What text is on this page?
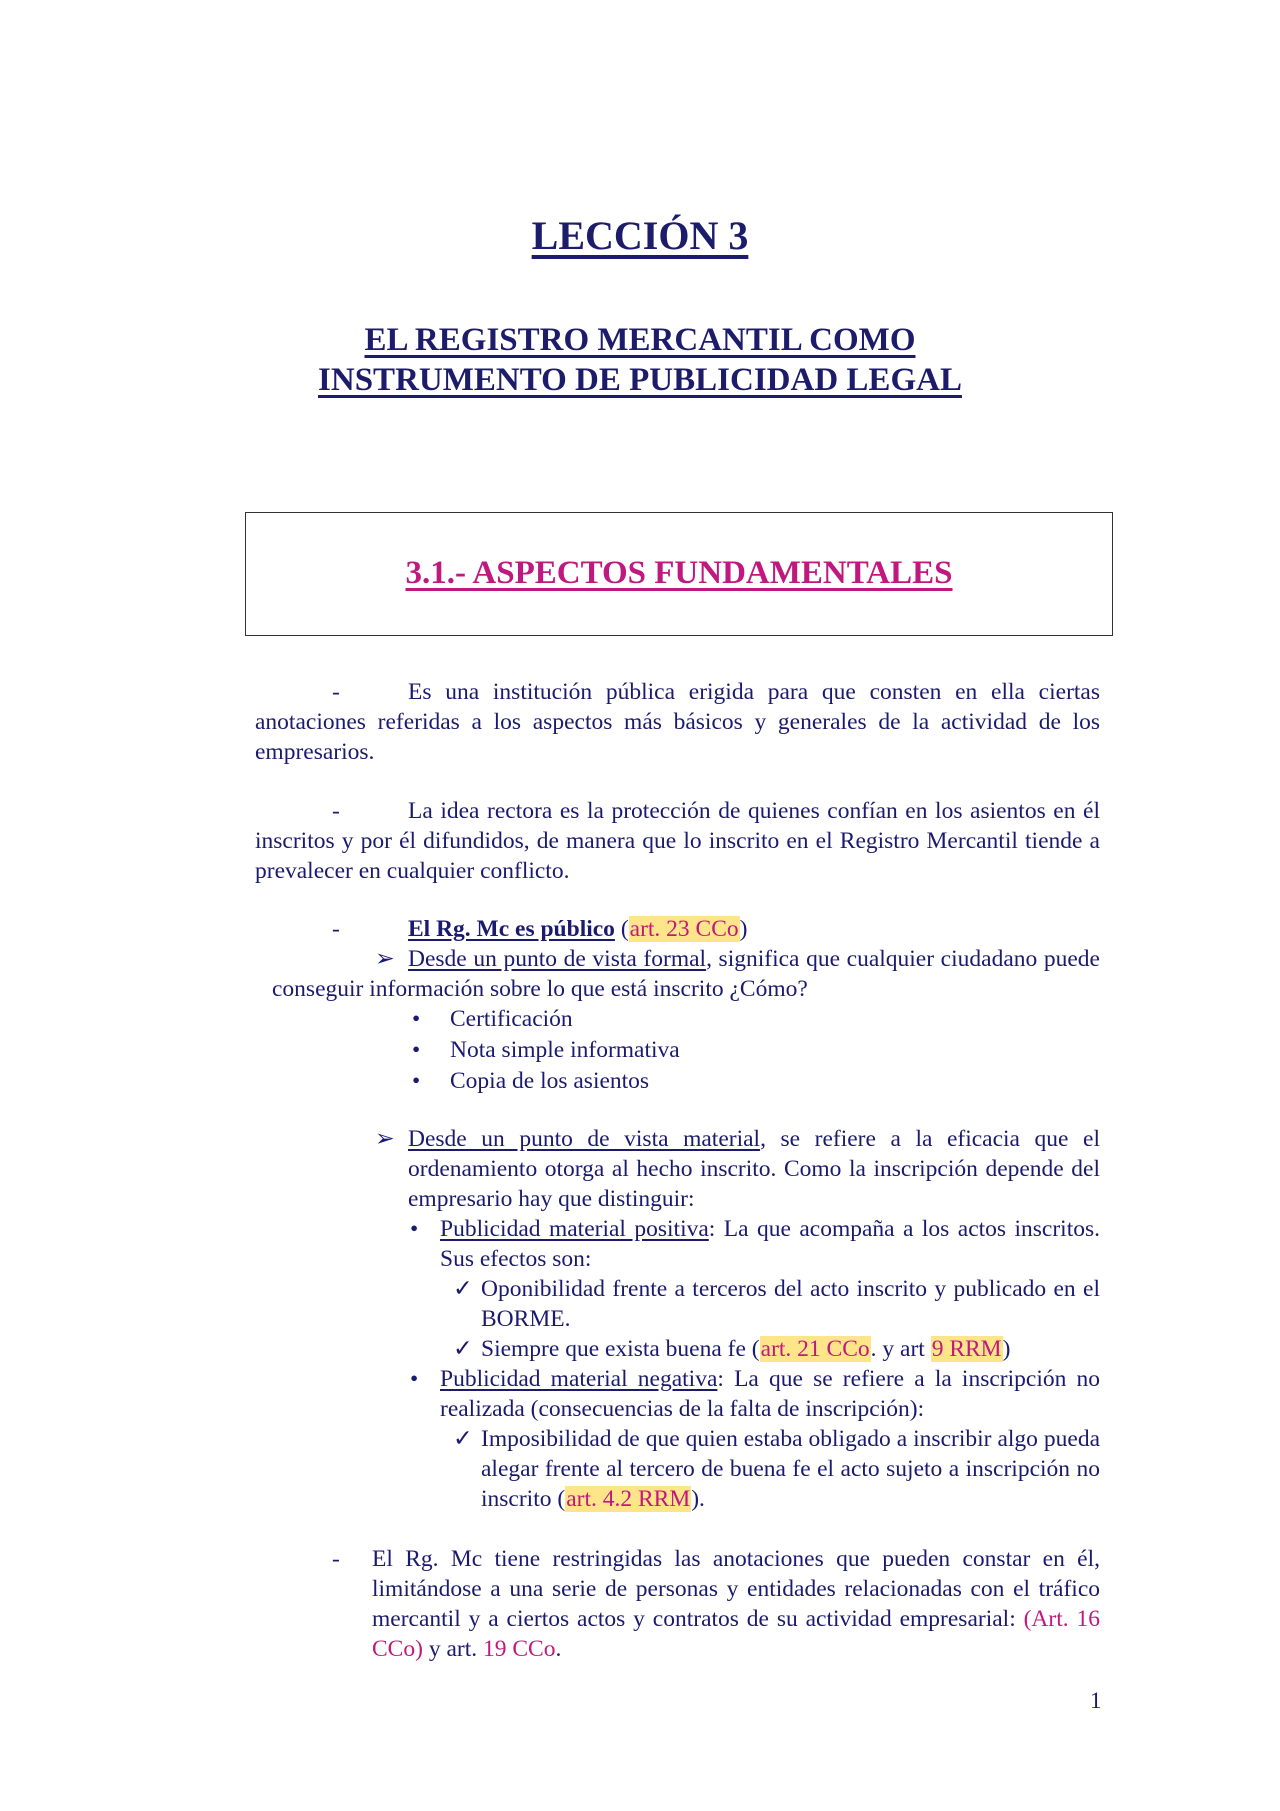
LECCIÓN 3
EL REGISTRO MERCANTIL COMO
INSTRUMENTO DE PUBLICIDAD LEGAL
3.1.- ASPECTOS FUNDAMENTALES
-	Es una institución pública erigida para que consten en ella ciertas anotaciones referidas a los aspectos más básicos y generales de la actividad de los empresarios.
-	La idea rectora es la protección de quienes confían en los asientos en él inscritos y por él difundidos, de manera que lo inscrito en el Registro Mercantil tiende a prevalecer en cualquier conflicto.
-	El Rg. Mc es público (art. 23 CCo)
➢ Desde un punto de vista formal, significa que cualquier ciudadano puede conseguir información sobre lo que está inscrito ¿Cómo?
• Certificación
• Nota simple informativa
• Copia de los asientos
➢ Desde un punto de vista material, se refiere a la eficacia que el ordenamiento otorga al hecho inscrito. Como la inscripción depende del empresario hay que distinguir:
• Publicidad material positiva: La que acompaña a los actos inscritos. Sus efectos son:
✓ Oponibilidad frente a terceros del acto inscrito y publicado en el BORME.
✓ Siempre que exista buena fe (art. 21 CCo. y art 9 RRM)
• Publicidad material negativa: La que se refiere a la inscripción no realizada (consecuencias de la falta de inscripción):
✓ Imposibilidad de que quien estaba obligado a inscribir algo pueda alegar frente al tercero de buena fe el acto sujeto a inscripción no inscrito (art. 4.2 RRM).
-	El Rg. Mc tiene restringidas las anotaciones que pueden constar en él, limitándose a una serie de personas y entidades relacionadas con el tráfico mercantil y a ciertos actos y contratos de su actividad empresarial: (Art. 16 CCo) y art. 19 CCo.
1
